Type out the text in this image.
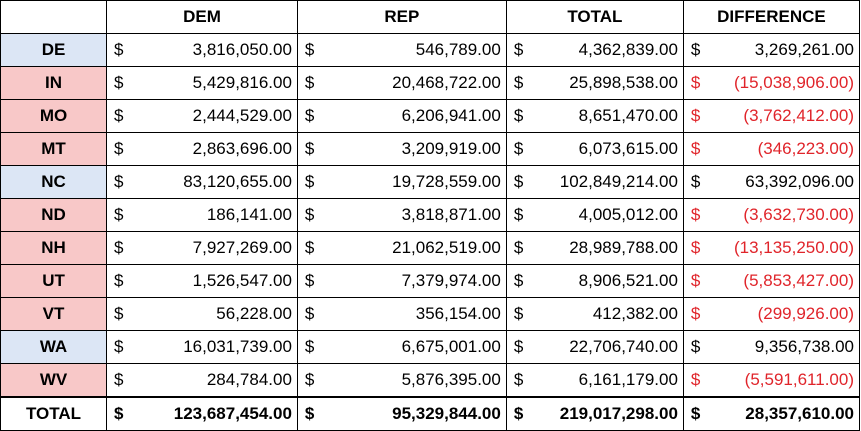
	DEM	REP	TOTAL	DIFFERENCE
DE	$ 3,816,050.00	$ 546,789.00	$ 4,362,839.00	$ 3,269,261.00

IN	$ 5,429,816.00	$ 20,468,722.00	$ 25,898,538.00	$ (15,038,906.00)

MO	$ 2,444,529.00	$ 6,206,941.00	$ 8,651,470.00	$ (3,762,412.00)

MT	$ 2,863,696.00	$ 3,209,919.00	$ 6,073,615.00	$ (346,223.00)

NC	$ 83,120,655.00	$ 19,728,559.00	$ 102,849,214.00	$ 63,392,096.00

ND	$ 186,141.00	$ 3,818,871.00	$ 4,005,012.00	$ (3,632,730.00)

NH	$ 7,927,269.00	$ 21,062,519.00	$ 28,989,788.00	$ (13,135,250.00)

UT	$ 1,526,547.00	$ 7,379,974.00	$ 8,906,521.00	$ (5,853,427.00)

VT	$ 56,228.00	$ 356,154.00	$ 412,382.00	$ (299,926.00)

WA	$ 16,031,739.00	$ 6,675,001.00	$ 22,706,740.00	$ 9,356,738.00

WV	$ 284,784.00	$ 5,876,395.00	$ 6,161,179.00	$ (5,591,611.00)

TOTAL	$ 123,687,454.00	$ 95,329,844.00	$ 219,017,298.00	$ 28,357,610.00
